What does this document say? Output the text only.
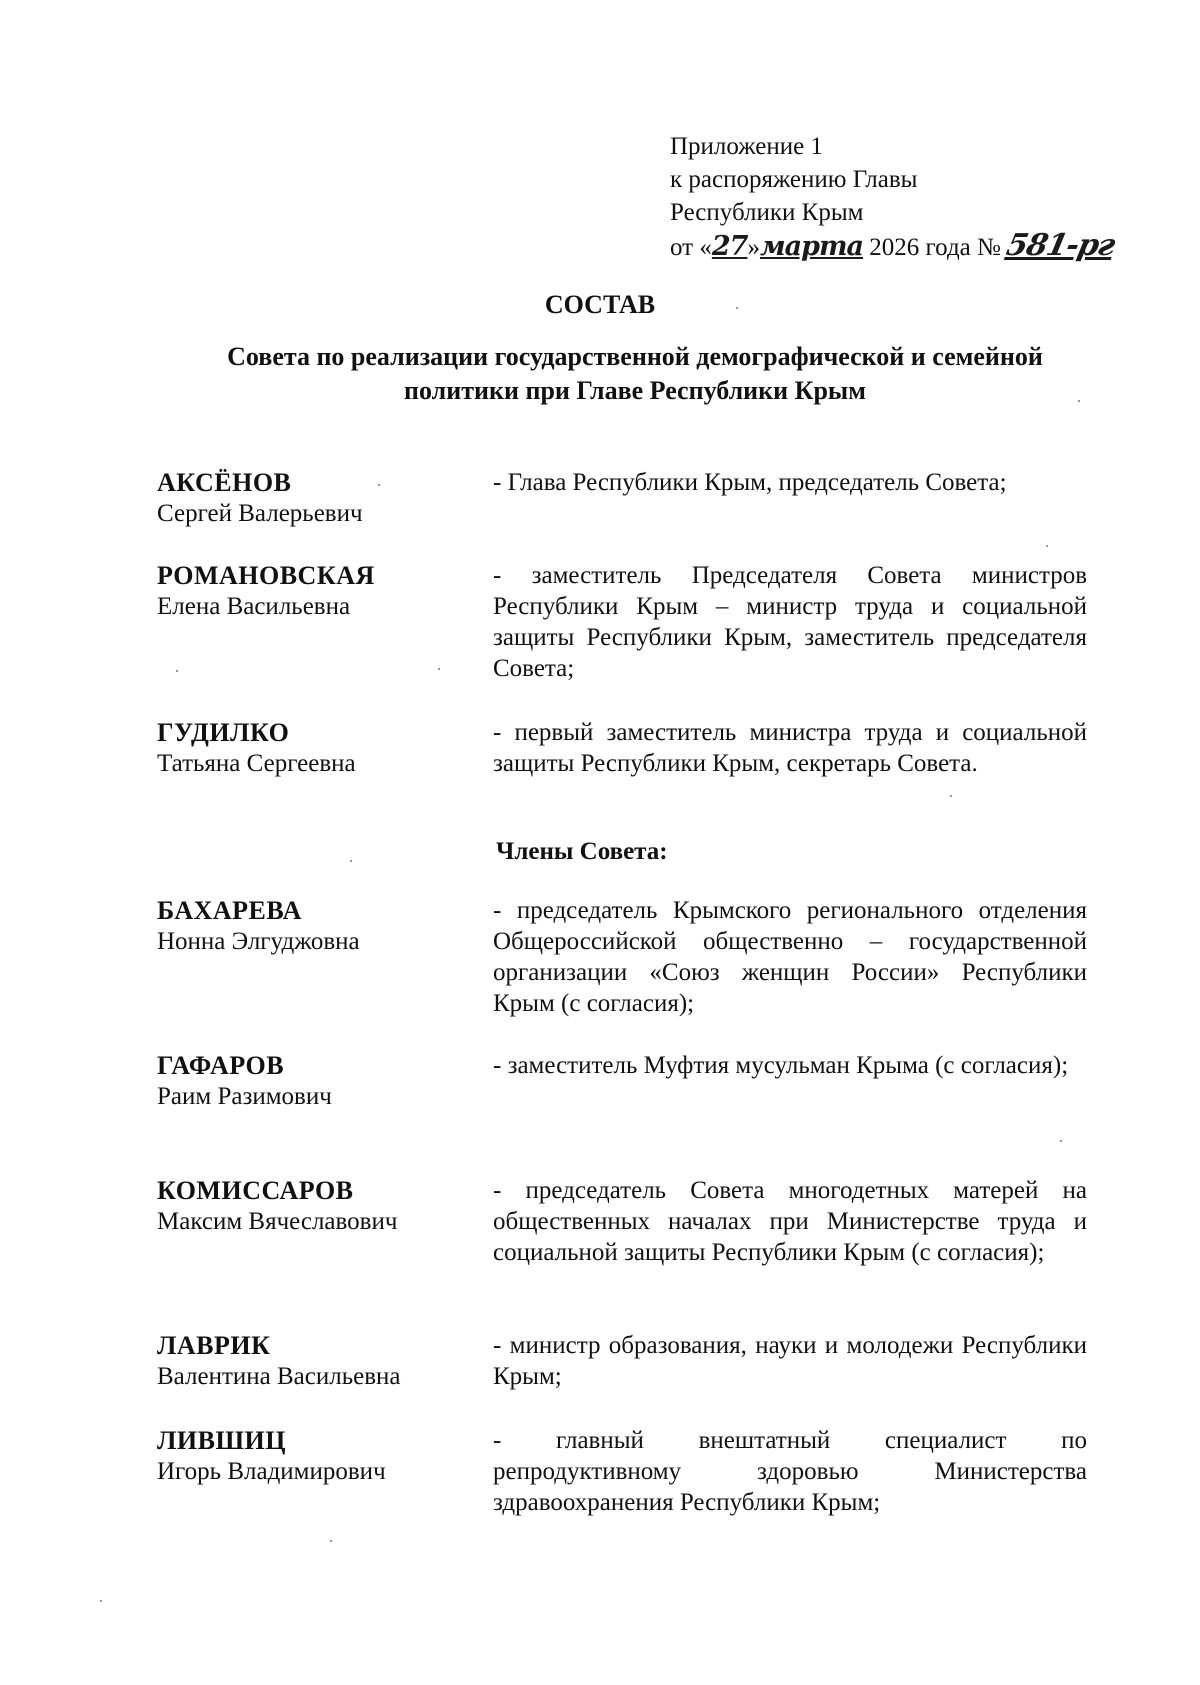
Приложение 1
к распоряжению Главы
Республики Крым
от «27»марта 2026 года № 581-рг
СОСТАВ
Совета по реализации государственной демографической и семейной
политики при Главе Республики Крым
АКСЁНОВ
Сергей Валерьевич
- Глава Республики Крым, председатель Совета;
РОМАНОВСКАЯ
Елена Васильевна
- заместитель Председателя Совета министров Республики Крым – министр труда и социальной защиты Республики Крым, заместитель председателя Совета;
ГУДИЛКО
Татьяна Сергеевна
- первый заместитель министра труда и социальной защиты Республики Крым, секретарь Совета.
Члены Совета:
БАХАРЕВА
Нонна Элгуджовна
- председатель Крымского регионального отделения Общероссийской общественно – государственной организации «Союз женщин России» Республики Крым (с согласия);
ГАФАРОВ
Раим Разимович
- заместитель Муфтия мусульман Крыма (с согласия);
КОМИССАРОВ
Максим Вячеславович
- председатель Совета многодетных матерей на общественных началах при Министерстве труда и социальной защиты Республики Крым (с согласия);
ЛАВРИК
Валентина Васильевна
- министр образования, науки и молодежи Республики Крым;
ЛИВШИЦ
Игорь Владимирович
- главный внештатный специалист по репродуктивному здоровью Министерства здравоохранения Республики Крым;
